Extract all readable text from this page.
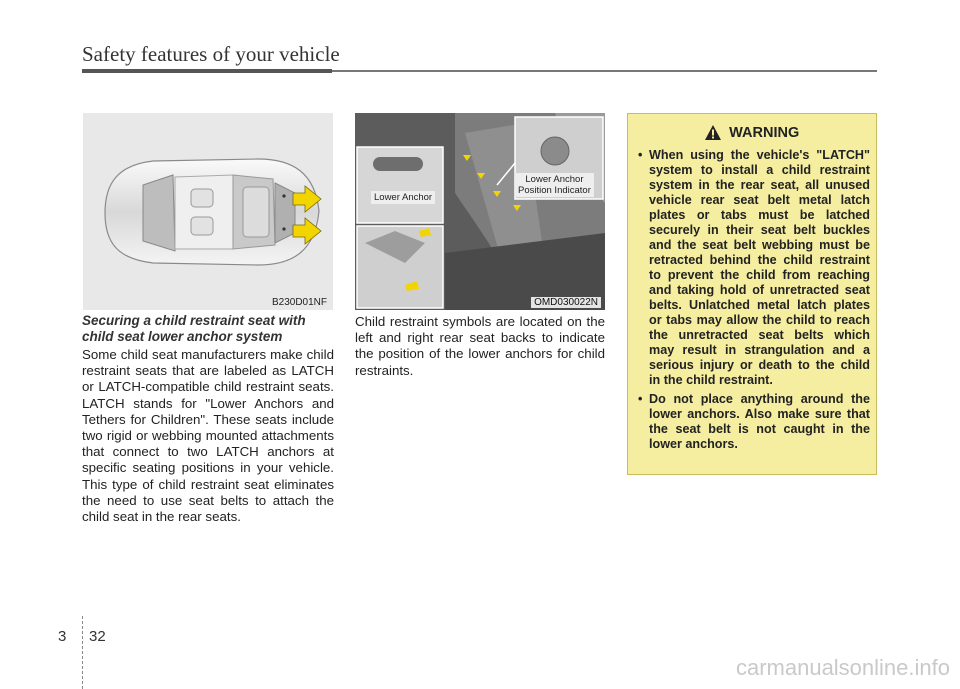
Safety features of your vehicle
B230D01NF
Lower Anchor
Lower Anchor
Position Indicator
OMD030022N
Securing a child restraint seat with child seat lower anchor system
Some child seat manufacturers make child restraint seats that are labeled as LATCH or LATCH-compatible child restraint seats. LATCH stands for "Lower Anchors and Tethers for Children". These seats include two rigid or webbing mounted attachments that connect to two LATCH anchors at specific seating positions in your vehicle. This type of child restraint seat eliminates the need to use seat belts to attach the child seat in the rear seats.
Child restraint symbols are located on the left and right rear seat backs to indicate the position of the lower anchors for child restraints.
WARNING
• When using the vehicle's "LATCH" system to install a child restraint system in the rear seat, all unused vehicle rear seat belt metal latch plates or tabs must be latched securely in their seat belt buckles and the seat belt webbing must be retracted behind the child restraint to prevent the child from reaching and taking hold of unretracted seat belts. Unlatched metal latch plates or tabs may allow the child to reach the unretracted seat belts which may result in strangulation and a serious injury or death to the child in the child restraint.
• Do not place anything around the lower anchors. Also make sure that the seat belt is not caught in the lower anchors.
3 32
carmanualsonline.info
